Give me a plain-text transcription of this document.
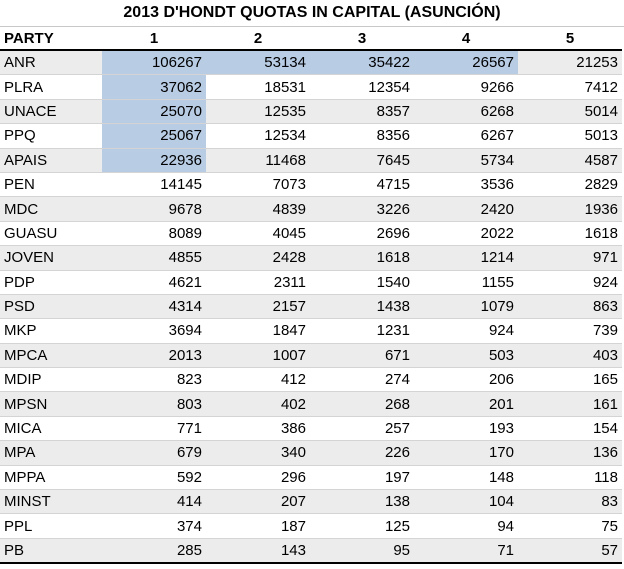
2013 D'HONDT QUOTAS IN CAPITAL (ASUNCIÓN)
PARTY	1	2	3	4	5
ANR	106267	53134	35422	26567	21253
PLRA	37062	18531	12354	9266	7412
UNACE	25070	12535	8357	6268	5014
PPQ	25067	12534	8356	6267	5013
APAIS	22936	11468	7645	5734	4587
PEN	14145	7073	4715	3536	2829
MDC	9678	4839	3226	2420	1936
GUASU	8089	4045	2696	2022	1618
JOVEN	4855	2428	1618	1214	971
PDP	4621	2311	1540	1155	924
PSD	4314	2157	1438	1079	863
MKP	3694	1847	1231	924	739
MPCA	2013	1007	671	503	403
MDIP	823	412	274	206	165
MPSN	803	402	268	201	161
MICA	771	386	257	193	154
MPA	679	340	226	170	136
MPPA	592	296	197	148	118
MINST	414	207	138	104	83
PPL	374	187	125	94	75
PB	285	143	95	71	57
